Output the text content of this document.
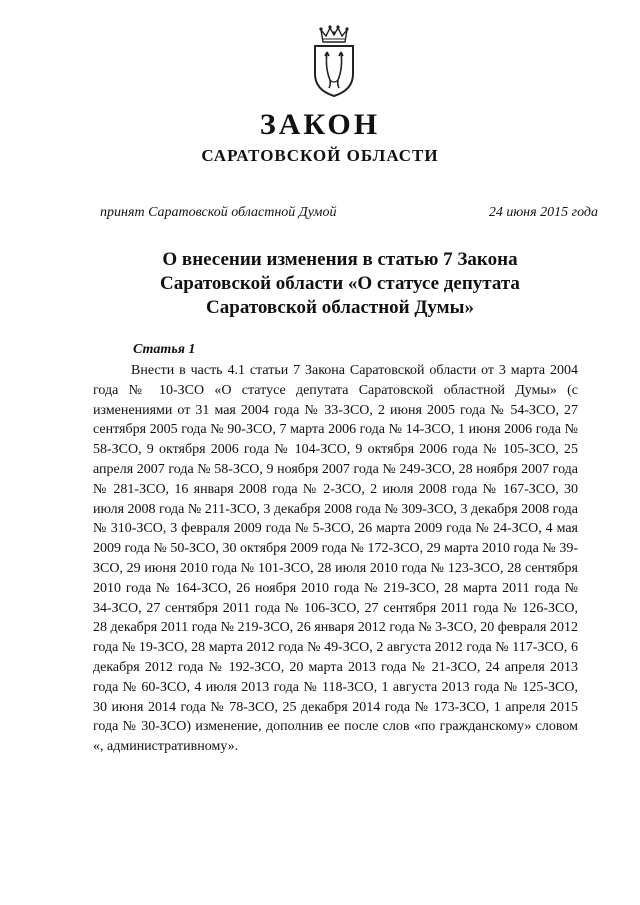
ЗАКОН
САРАТОВСКОЙ ОБЛАСТИ
принят Саратовской областной Думой	24 июня 2015 года
О внесении изменения в статью 7 Закона Саратовской области «О статусе депутата Саратовской областной Думы»
Статья 1
Внести в часть 4.1 статьи 7 Закона Саратовской области от 3 марта 2004 года № 10-ЗСО «О статусе депутата Саратовской областной Думы» (с изменениями от 31 мая 2004 года № 33-ЗСО, 2 июня 2005 года № 54-ЗСО, 27 сентября 2005 года № 90-ЗСО, 7 марта 2006 года № 14-ЗСО, 1 июня 2006 года № 58-ЗСО, 9 октября 2006 года № 104-ЗСО, 9 октября 2006 года № 105-ЗСО, 25 апреля 2007 года № 58-ЗСО, 9 ноября 2007 года № 249-ЗСО, 28 ноября 2007 года № 281-ЗСО, 16 января 2008 года № 2-ЗСО, 2 июля 2008 года № 167-ЗСО, 30 июля 2008 года № 211-ЗСО, 3 декабря 2008 года № 309-ЗСО, 3 декабря 2008 года № 310-ЗСО, 3 февраля 2009 года № 5-ЗСО, 26 марта 2009 года № 24-ЗСО, 4 мая 2009 года № 50-ЗСО, 30 октября 2009 года № 172-ЗСО, 29 марта 2010 года № 39-ЗСО, 29 июня 2010 года № 101-ЗСО, 28 июля 2010 года № 123-ЗСО, 28 сентября 2010 года № 164-ЗСО, 26 ноября 2010 года № 219-ЗСО, 28 марта 2011 года № 34-ЗСО, 27 сентября 2011 года № 106-ЗСО, 27 сентября 2011 года № 126-ЗСО, 28 декабря 2011 года № 219-ЗСО, 26 января 2012 года № 3-ЗСО, 20 февраля 2012 года № 19-ЗСО, 28 марта 2012 года № 49-ЗСО, 2 августа 2012 года № 117-ЗСО, 6 декабря 2012 года № 192-ЗСО, 20 марта 2013 года № 21-ЗСО, 24 апреля 2013 года № 60-ЗСО, 4 июля 2013 года № 118-ЗСО, 1 августа 2013 года № 125-ЗСО, 30 июня 2014 года № 78-ЗСО, 25 декабря 2014 года № 173-ЗСО, 1 апреля 2015 года № 30-ЗСО) изменение, дополнив ее после слов «по гражданскому» словом «, административному».
